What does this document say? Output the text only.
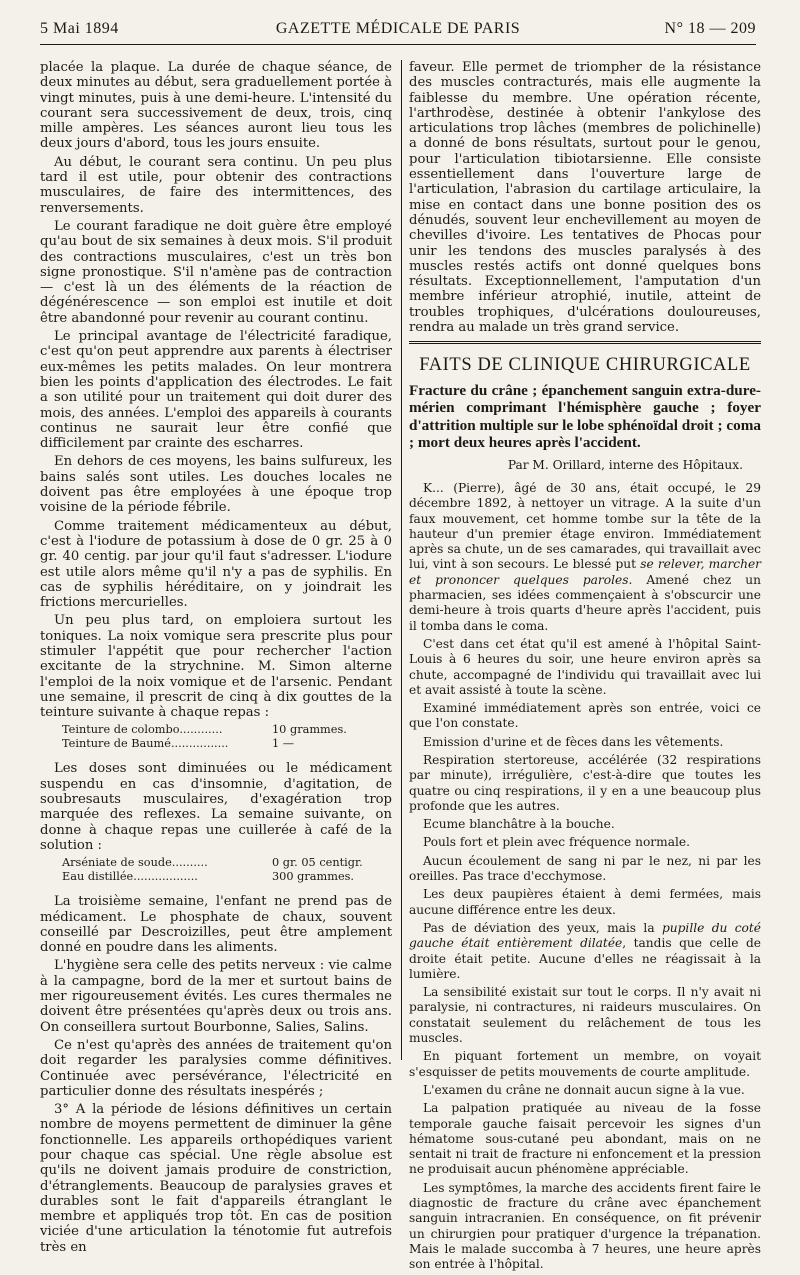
5 Mai 1894	GAZETTE MÉDICALE DE PARIS	N° 18 — 209

placée la plaque. La durée de chaque séance, de deux minutes au début, sera graduellement portée à vingt minutes, puis à une demi-heure. L'intensité du courant sera successivement de deux, trois, cinq mille ampères. Les séances auront lieu tous les deux jours d'abord, tous les jours ensuite.

Au début, le courant sera continu. Un peu plus tard il est utile, pour obtenir des contractions musculaires, de faire des intermittences, des renversements.

Le courant faradique ne doit guère être employé qu'au bout de six semaines à deux mois. S'il produit des contractions musculaires, c'est un très bon signe pronostique. S'il n'amène pas de contraction — c'est là un des éléments de la réaction de dégénérescence — son emploi est inutile et doit être abandonné pour revenir au courant continu.

Le principal avantage de l'électricité faradique, c'est qu'on peut apprendre aux parents à électriser eux-mêmes les petits malades. On leur montrera bien les points d'application des électrodes. Le fait a son utilité pour un traitement qui doit durer des mois, des années. L'emploi des appareils à courants continus ne saurait leur être confié que difficilement par crainte des escharres.

En dehors de ces moyens, les bains sulfureux, les bains salés sont utiles. Les douches locales ne doivent pas être employées à une époque trop voisine de la période fébrile.

Comme traitement médicamenteux au début, c'est à l'iodure de potassium à dose de 0 gr. 25 à 0 gr. 40 centig. par jour qu'il faut s'adresser. L'iodure est utile alors même qu'il n'y a pas de syphilis. En cas de syphilis héréditaire, on y joindrait les frictions mercurielles.

Un peu plus tard, on emploiera surtout les toniques. La noix vomique sera prescrite plus pour stimuler l'appétit que pour rechercher l'action excitante de la strychnine. M. Simon alterne l'emploi de la noix vomique et de l'arsenic. Pendant une semaine, il prescrit de cinq à dix gouttes de la teinture suivante à chaque repas :

Teinture de colombo............	10 grammes.
Teinture de Baumé................	1 —

Les doses sont diminuées ou le médicament suspendu en cas d'insomnie, d'agitation, de soubresauts musculaires, d'exagération trop marquée des reflexes. La semaine suivante, on donne à chaque repas une cuillerée à café de la solution :

Arséniate de soude..........	0 gr. 05 centigr.
Eau distillée..................	300 grammes.

La troisième semaine, l'enfant ne prend pas de médicament. Le phosphate de chaux, souvent conseillé par Descroizilles, peut être amplement donné en poudre dans les aliments.

L'hygiène sera celle des petits nerveux : vie calme à la campagne, bord de la mer et surtout bains de mer rigoureusement évités. Les cures thermales ne doivent être présentées qu'après deux ou trois ans. On conseillera surtout Bourbonne, Salies, Salins.

Ce n'est qu'après des années de traitement qu'on doit regarder les paralysies comme définitives. Continuée avec persévérance, l'électricité en particulier donne des résultats inespérés ;

3° A la période de lésions définitives un certain nombre de moyens permettent de diminuer la gêne fonctionnelle. Les appareils orthopédiques varient pour chaque cas spécial. Une règle absolue est qu'ils ne doivent jamais produire de constriction, d'étranglements. Beaucoup de paralysies graves et durables sont le fait d'appareils étranglant le membre et appliqués trop tôt. En cas de position viciée d'une articulation la ténotomie fut autrefois très en

faveur. Elle permet de triompher de la résistance des muscles contracturés, mais elle augmente la faiblesse du membre. Une opération récente, l'arthrodèse, destinée à obtenir l'ankylose des articulations trop lâches (membres de polichinelle) a donné de bons résultats, surtout pour le genou, pour l'articulation tibiotarsienne. Elle consiste essentiellement dans l'ouverture large de l'articulation, l'abrasion du cartilage articulaire, la mise en contact dans une bonne position des os dénudés, souvent leur enchevillement au moyen de chevilles d'ivoire. Les tentatives de Phocas pour unir les tendons des muscles paralysés à des muscles restés actifs ont donné quelques bons résultats. Exceptionnellement, l'amputation d'un membre inférieur atrophié, inutile, atteint de troubles trophiques, d'ulcérations douloureuses, rendra au malade un très grand service.

FAITS DE CLINIQUE CHIRURGICALE
Fracture du crâne ; épanchement sanguin extra-dure-mérien comprimant l'hémisphère gauche ; foyer d'attrition multiple sur le lobe sphénoïdal droit ; coma ; mort deux heures après l'accident.
Par M. Orillard, interne des Hôpitaux.

K... (Pierre), âgé de 30 ans, était occupé, le 29 décembre 1892, à nettoyer un vitrage. A la suite d'un faux mouvement, cet homme tombe sur la tête de la hauteur d'un premier étage environ. Immédiatement après sa chute, un de ses camarades, qui travaillait avec lui, vint à son secours. Le blessé put se relever, marcher et prononcer quelques paroles. Amené chez un pharmacien, ses idées commençaient à s'obscurcir une demi-heure à trois quarts d'heure après l'accident, puis il tomba dans le coma.

C'est dans cet état qu'il est amené à l'hôpital Saint-Louis à 6 heures du soir, une heure environ après sa chute, accompagné de l'individu qui travaillait avec lui et avait assisté à toute la scène.

Examiné immédiatement après son entrée, voici ce que l'on constate.

Emission d'urine et de fèces dans les vêtements.

Respiration stertoreuse, accélérée (32 respirations par minute), irrégulière, c'est-à-dire que toutes les quatre ou cinq respirations, il y en a une beaucoup plus profonde que les autres.

Ecume blanchâtre à la bouche.

Pouls fort et plein avec fréquence normale.

Aucun écoulement de sang ni par le nez, ni par les oreilles. Pas trace d'ecchymose.

Les deux paupières étaient à demi fermées, mais aucune différence entre les deux.

Pas de déviation des yeux, mais la pupille du coté gauche était entièrement dilatée, tandis que celle de droite était petite. Aucune d'elles ne réagissait à la lumière.

La sensibilité existait sur tout le corps. Il n'y avait ni paralysie, ni contractures, ni raideurs musculaires. On constatait seulement du relâchement de tous les muscles.

En piquant fortement un membre, on voyait s'esquisser de petits mouvements de courte amplitude.

L'examen du crâne ne donnait aucun signe à la vue.

La palpation pratiquée au niveau de la fosse temporale gauche faisait percevoir les signes d'un hématome sous-cutané peu abondant, mais on ne sentait ni trait de fracture ni enfoncement et la pression ne produisait aucun phénomène appréciable.

Les symptômes, la marche des accidents firent faire le diagnostic de fracture du crâne avec épanchement sanguin intracranien. En conséquence, on fit prévenir un chirurgien pour pratiquer d'urgence la trépanation. Mais le malade succomba à 7 heures, une heure après son entrée à l'hôpital.
